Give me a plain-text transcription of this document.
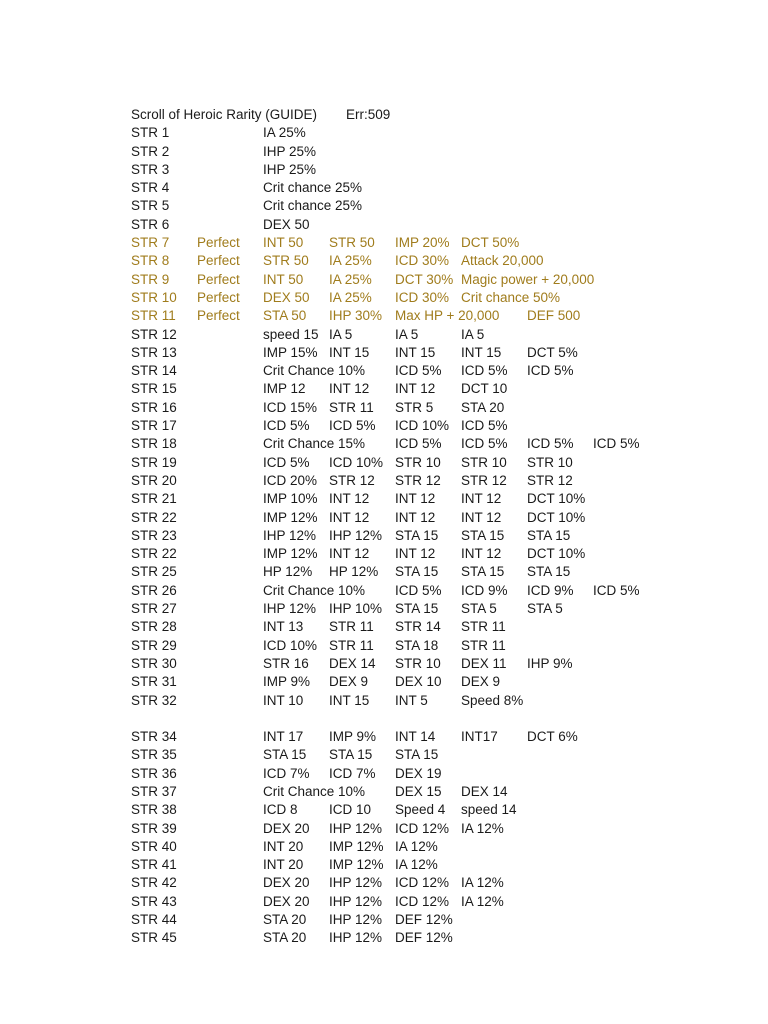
Scroll of Heroic Rarity (GUIDE) Err:509
STR 1	IA 25%
STR 2	IHP 25%
STR 3	IHP 25%
STR 4	Crit chance 25%
STR 5	Crit chance 25%
STR 6	DEX 50
STR 7 Perfect INT 50 STR 50 IMP 20% DCT 50%
STR 8 Perfect STR 50 IA 25% ICD 30% Attack 20,000
STR 9 Perfect INT 50 IA 25% DCT 30% Magic power + 20,000
STR 10 Perfect DEX 50 IA 25% ICD 30% Crit chance 50%
STR 11 Perfect STA 50 IHP 30% Max HP + 20,000 DEF 500
STR 12	speed 15 IA 5	IA 5	IA 5
STR 13	IMP 15% INT 15 INT 15 INT 15 DCT 5%
STR 14	Crit Chance 10% ICD 5% ICD 5% ICD 5%
STR 15	IMP 12 INT 12 INT 12 DCT 10
STR 16	ICD 15% STR 11 STR 5 STA 20
STR 17	ICD 5% ICD 5% ICD 10% ICD 5%
STR 18	Crit Chance 15% ICD 5% ICD 5% ICD 5% ICD 5%
STR 19	ICD 5% ICD 10% STR 10 STR 10 STR 10
STR 20	ICD 20% STR 12 STR 12 STR 12 STR 12
STR 21	IMP 10% INT 12 INT 12 INT 12 DCT 10%
STR 22	IMP 12% INT 12 INT 12 INT 12 DCT 10%
STR 23	IHP 12% IHP 12% STA 15 STA 15 STA 15
STR 22	IMP 12% INT 12 INT 12 INT 12 DCT 10%
STR 25	HP 12% HP 12% STA 15 STA 15 STA 15
STR 26	Crit Chance 10% ICD 5% ICD 9% ICD 9% ICD 5%
STR 27	IHP 12% IHP 10% STA 15 STA 5 STA 5
STR 28	INT 13 STR 11 STR 14 STR 11
STR 29	ICD 10% STR 11 STA 18 STR 11
STR 30	STR 16 DEX 14 STR 10 DEX 11 IHP 9%
STR 31	IMP 9% DEX 9 DEX 10 DEX 9
STR 32	INT 10 INT 15 INT 5 Speed 8%
STR 34	INT 17 IMP 9% INT 14 INT17 DCT 6%
STR 35	STA 15 STA 15 STA 15
STR 36	ICD 7% ICD 7% DEX 19
STR 37	Crit Chance 10% DEX 15 DEX 14
STR 38	ICD 8 ICD 10 Speed 4 speed 14
STR 39	DEX 20 IHP 12% ICD 12% IA 12%
STR 40	INT 20 IMP 12% IA 12%
STR 41	INT 20 IMP 12% IA 12%
STR 42	DEX 20 IHP 12% ICD 12% IA 12%
STR 43	DEX 20 IHP 12% ICD 12% IA 12%
STR 44	STA 20 IHP 12% DEF 12%
STR 45	STA 20 IHP 12% DEF 12%
